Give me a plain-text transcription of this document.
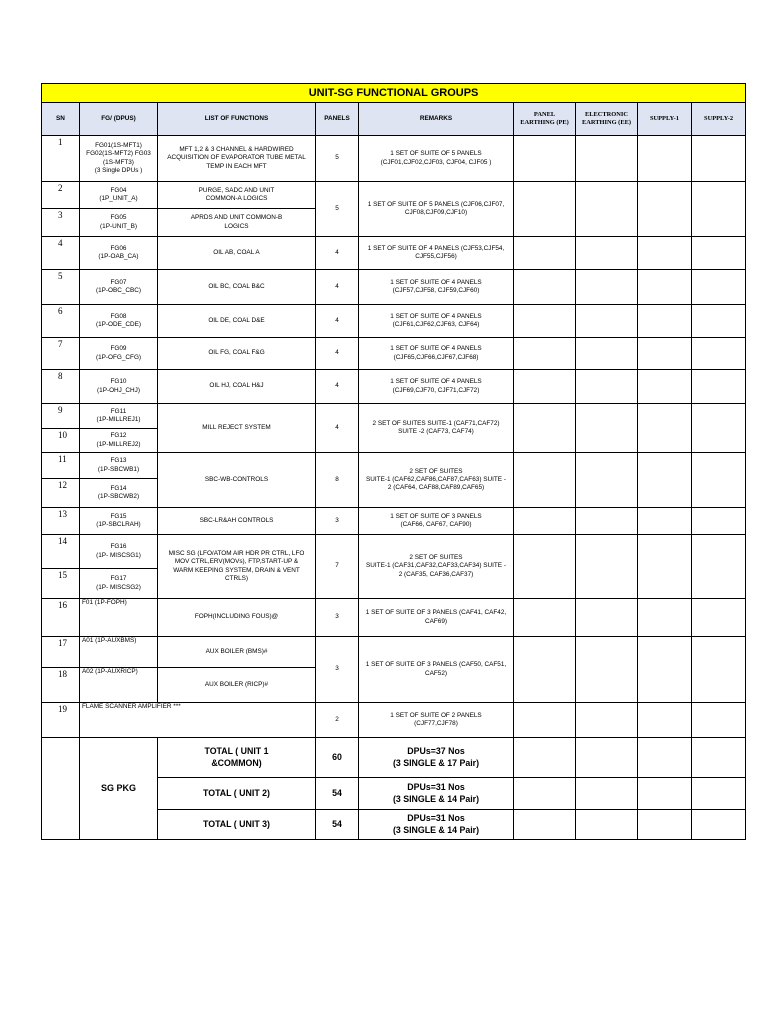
UNIT-SG FUNCTIONAL GROUPS								
SN	FG/ (DPUS)	LIST OF FUNCTIONS	PANELS	REMARKS	PANEL
EARTHING (PE)	ELECTRONIC
EARTHING (EE)	SUPPLY-1	SUPPLY-2
1	FG01(1S-MFT1)
FG02(1S-MFT2) FG03
(1S-MFT3)
(3 Single DPUs )	MFT 1,2 & 3 CHANNEL & HARDWIRED
ACQUISITION OF EVAPORATOR TUBE METAL
TEMP IN EACH MFT	5	1 SET OF SUITE OF 5 PANELS
(CJF01,CJF02,CJF03, CJF04, CJF05 )				
2	FG04
(1P_UNIT_A)	PURGE, SADC AND UNIT
COMMON-A LOGICS	5	1 SET OF SUITE OF 5 PANELS (CJF06,CJF07,
CJF08,CJF09,CJF10)				
3	FG05
(1P-UNIT_B)	APRDS AND UNIT COMMON-B
LOGICS						
4	FG06
(1P-OAB_CA)	OIL AB, COAL A	4	1 SET OF SUITE OF 4 PANELS (CJF53,CJF54,
CJF55,CJF56)				
5	FG07
(1P-OBC_CBC)	OIL BC, COAL B&C	4	1 SET OF SUITE OF 4 PANELS
(CJF57,CJF58, CJF59,CJF60)				
6	FG08
(1P-ODE_CDE)	OIL DE, COAL D&E	4	1 SET OF SUITE OF 4 PANELS
(CJF61,CJF62,CJF63, CJF64)				
7	FG09
(1P-OFG_CFG)	OIL FG, COAL F&G	4	1 SET OF SUITE OF 4 PANELS
(CJF65,CJF66,CJF67,CJF68)				
8	FG10
(1P-OHJ_CHJ)	OIL HJ, COAL H&J	4	1 SET OF SUITE OF 4 PANELS
(CJF69,CJF70, CJF71,CJF72)				
9	FG11
(1P-MILLREJ1)	MILL REJECT SYSTEM	4	2 SET OF SUITES SUITE-1 (CAF71,CAF72)
SUITE -2 (CAF73, CAF74)				
10	FG12
(1P-MILLREJ2)							
11	FG13
(1P-SBCWB1)	SBC-WB-CONTROLS	8	2 SET OF SUITES
SUITE-1 (CAF62,CAF86,CAF87,CAF63) SUITE -
2 (CAF64, CAF88,CAF89,CAF65)				
12	FG14
(1P-SBCWB2)							
13	FG15
(1P-SBCLRAH)	SBC-LR&AH CONTROLS	3	1 SET OF SUITE OF 3 PANELS
(CAF66, CAF67, CAF90)				
14	FG16
(1P- MISCSG1)	MISC SG (LFO/ATOM AIR HDR PR CTRL, LFO
MOV CTRL,ERV(MOVs), FTP,START-UP &
WARM KEEPING SYSTEM, DRAIN & VENT
CTRLS)	7	2 SET OF SUITES
SUITE-1 (CAF31,CAF32,CAF33,CAF34) SUITE -
2 (CAF35, CAF36,CAF37)				
15	FG17
(1P- MISCSG2)							
16	F01 (1P-FOPH)	FOPH(INCLUDING FOUS)@	3	1 SET OF SUITE OF 3 PANELS (CAF41, CAF42,
CAF69)				
17	A01 (1P-AUXBMS)	AUX BOILER (BMS)#	3	1 SET OF SUITE OF 3 PANELS (CAF50, CAF51,
CAF52)				
18	A02 (1P-AUXRICP)	AUX BOILER (RICP)#						
19	FLAME SCANNER AMPLIFIER ***		2	1 SET OF SUITE OF 2 PANELS
(CJF77,CJF78)				
	SG PKG	TOTAL ( UNIT 1
&COMMON)	60	DPUs=37 Nos
(3 SINGLE & 17 Pair)				
		TOTAL ( UNIT 2)	54	DPUs=31 Nos
(3 SINGLE & 14 Pair)				
		TOTAL ( UNIT 3)	54	DPUs=31 Nos
(3 SINGLE & 14 Pair)				
